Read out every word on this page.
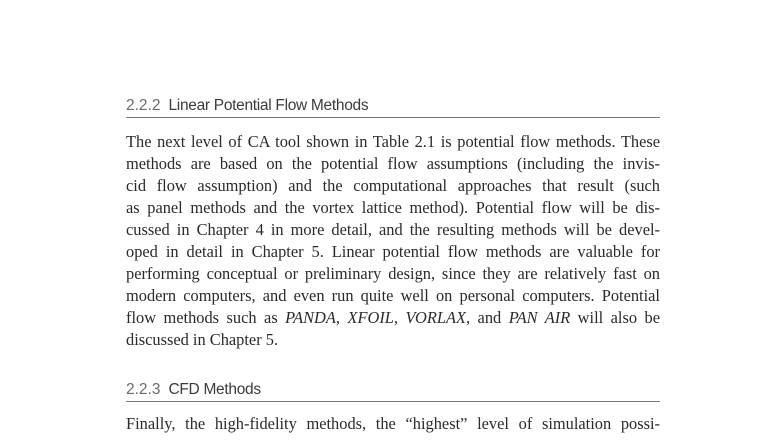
2.2.2 Linear Potential Flow Methods
The next level of CA tool shown in Table 2.1 is potential flow methods. These
methods are based on the potential flow assumptions (including the invis-
cid flow assumption) and the computational approaches that result (such
as panel methods and the vortex lattice method). Potential flow will be dis-
cussed in Chapter 4 in more detail, and the resulting methods will be devel-
oped in detail in Chapter 5. Linear potential flow methods are valuable for
performing conceptual or preliminary design, since they are relatively fast on
modern computers, and even run quite well on personal computers. Potential
flow methods such as PANDA, XFOIL, VORLAX, and PAN AIR will also be
discussed in Chapter 5.
2.2.3 CFD Methods
Finally, the high-fidelity methods, the “highest” level of simulation possi-
